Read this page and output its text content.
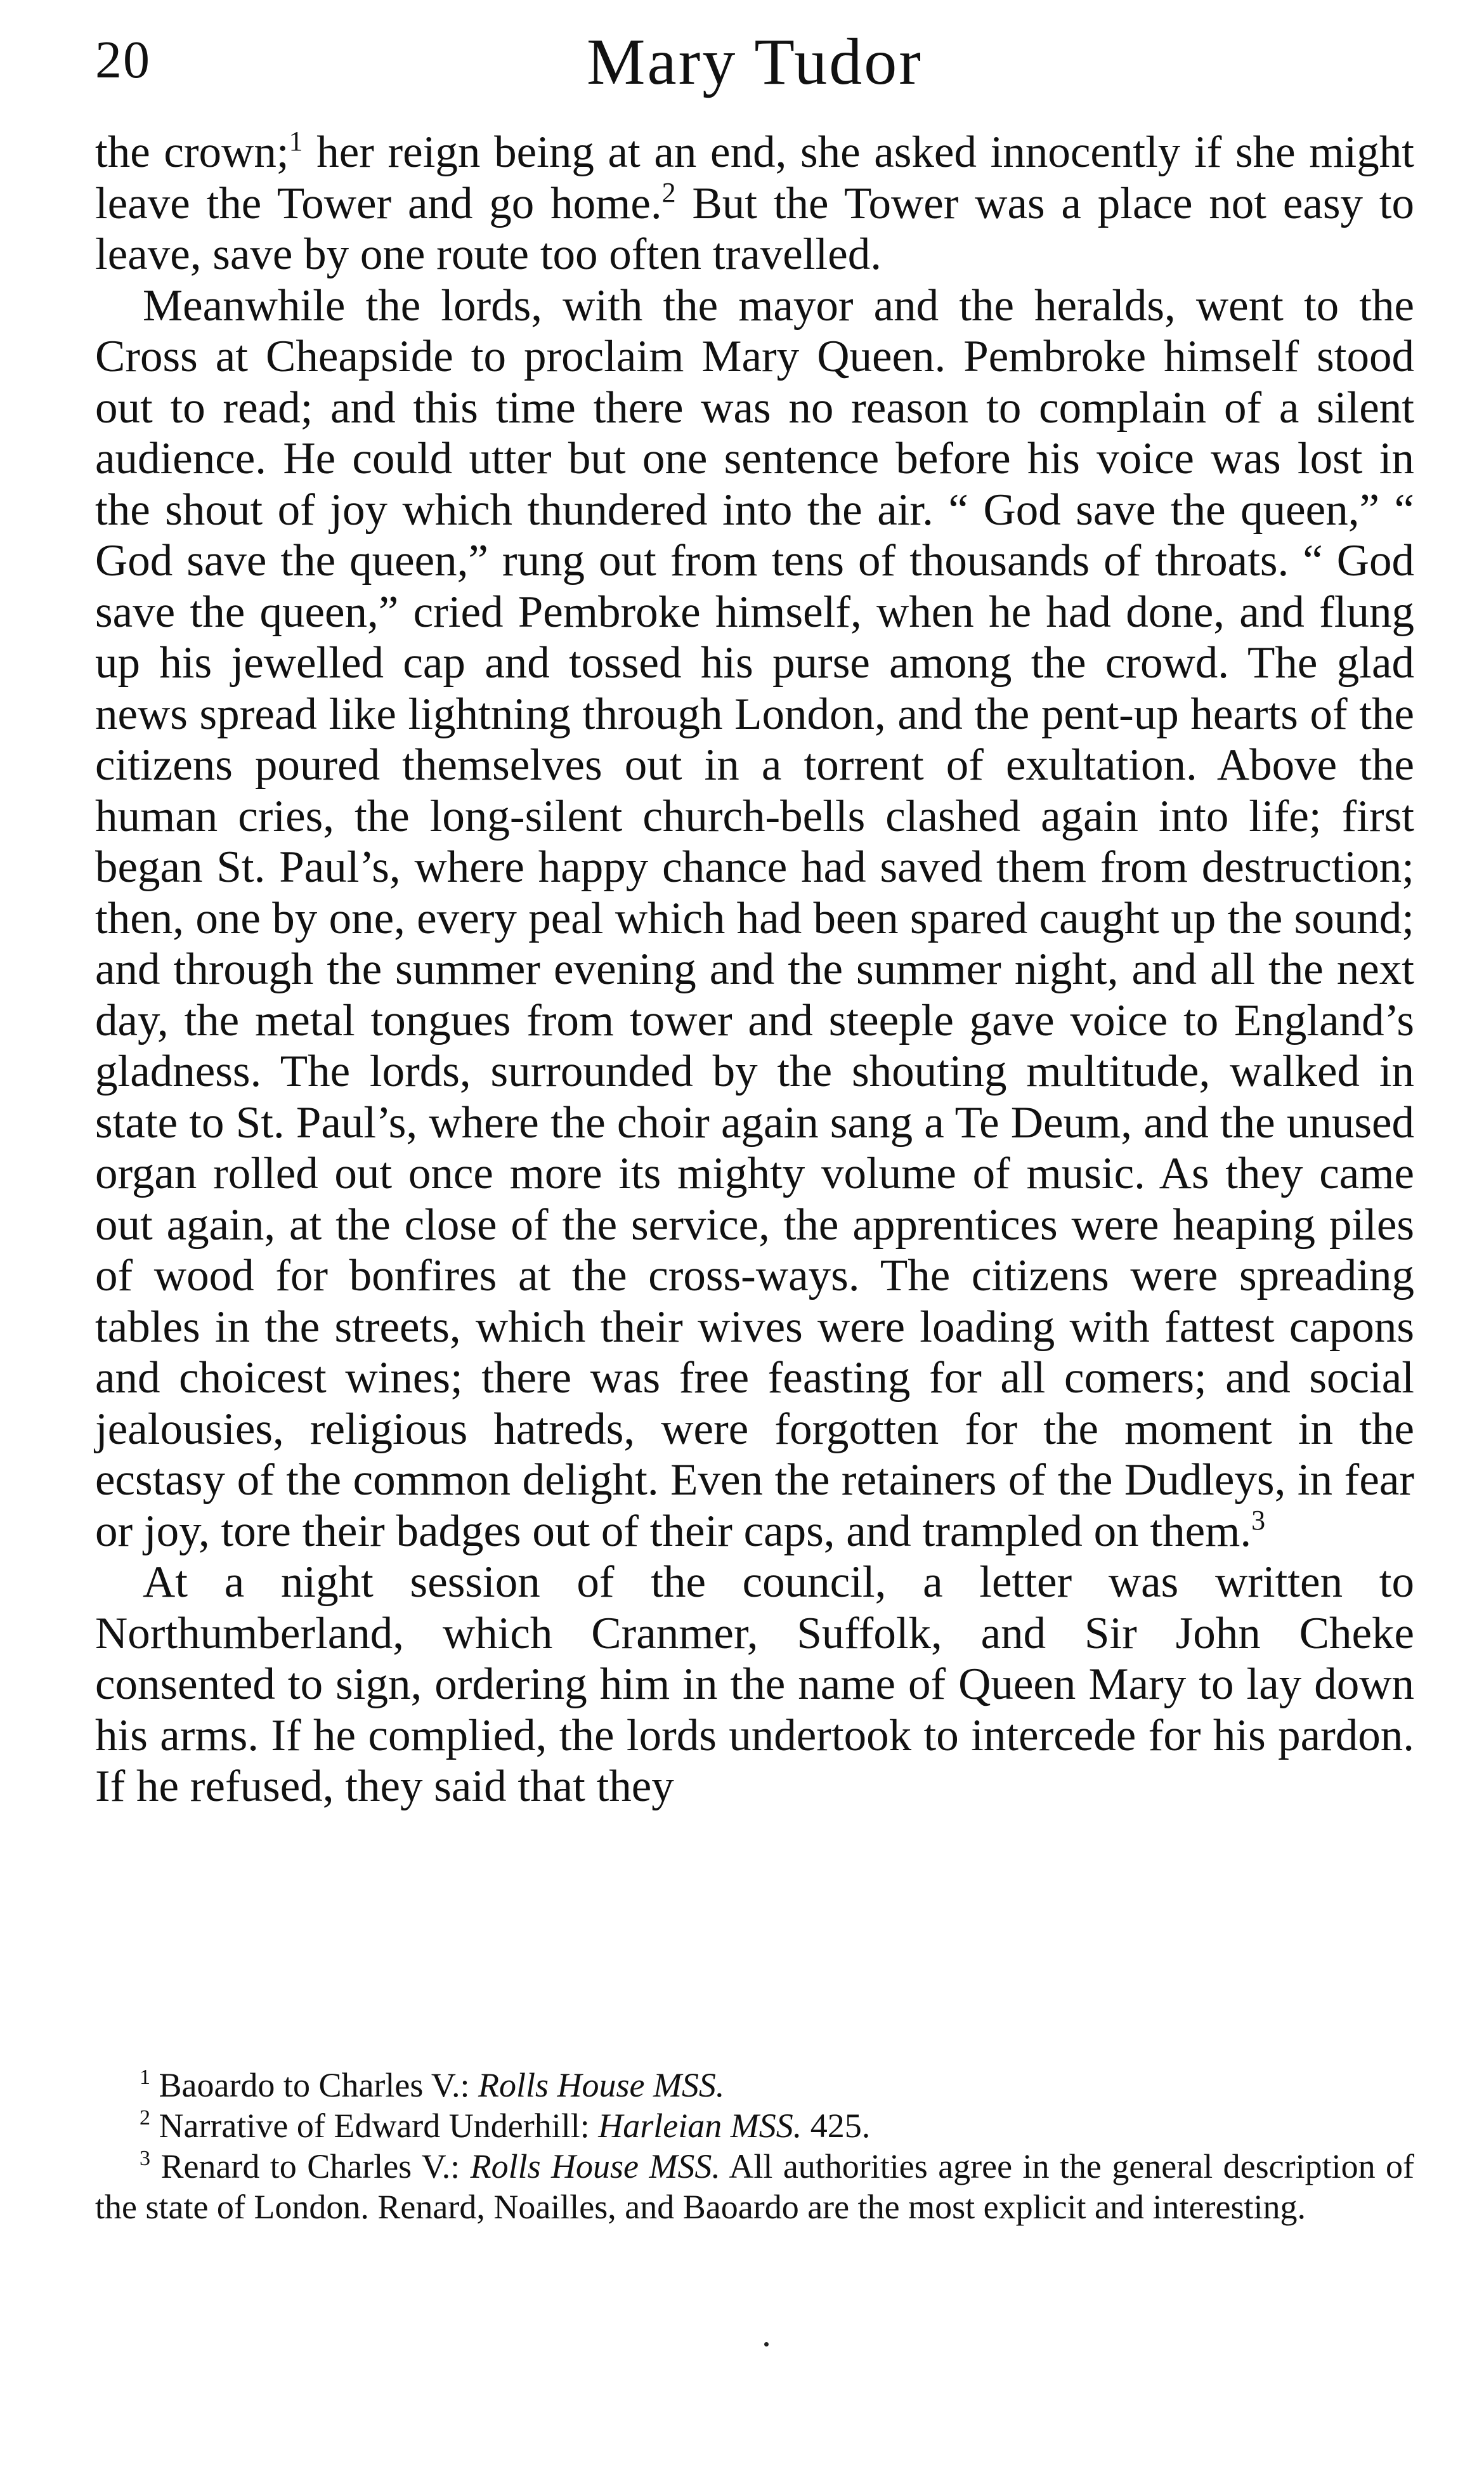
20	Mary Tudor

the crown;$^1$ her reign being at an end, she asked innocently if she might leave the Tower and go home.$^2$ But the Tower was a place not easy to leave, save by one route too often travelled.

Meanwhile the lords, with the mayor and the heralds, went to the Cross at Cheapside to proclaim Mary Queen. Pembroke himself stood out to read; and this time there was no reason to complain of a silent audience. He could utter but one sentence before his voice was lost in the shout of joy which thundered into the air. “ God save the queen,” “ God save the queen,” rung out from tens of thousands of throats. “ God save the queen,” cried Pembroke himself, when he had done, and flung up his jewelled cap and tossed his purse among the crowd. The glad news spread like lightning through London, and the pent-up hearts of the citizens poured themselves out in a torrent of exultation. Above the human cries, the long-silent church-bells clashed again into life; first began St. Paul’s, where happy chance had saved them from destruction; then, one by one, every peal which had been spared caught up the sound; and through the summer evening and the summer night, and all the next day, the metal tongues from tower and steeple gave voice to England’s gladness. The lords, surrounded by the shouting multitude, walked in state to St. Paul’s, where the choir again sang a Te Deum, and the unused organ rolled out once more its mighty volume of music. As they came out again, at the close of the service, the apprentices were heaping piles of wood for bonfires at the cross-ways. The citizens were spreading tables in the streets, which their wives were loading with fattest capons and choicest wines; there was free feasting for all comers; and social jealousies, religious hatreds, were forgotten for the moment in the ecstasy of the common delight. Even the retainers of the Dudleys, in fear or joy, tore their badges out of their caps, and trampled on them.$^3$

At a night session of the council, a letter was written to Northumberland, which Cranmer, Suffolk, and Sir John Cheke consented to sign, ordering him in the name of Queen Mary to lay down his arms. If he complied, the lords undertook to intercede for his pardon. If he refused, they said that they

$^1$ Baoardo to Charles V.: Rolls House MSS.

$^2$ Narrative of Edward Underhill: Harleian MSS. 425.

$^3$ Renard to Charles V.: Rolls House MSS. All authorities agree in the general description of the state of London. Renard, Noailles, and Baoardo are the most explicit and interesting.
